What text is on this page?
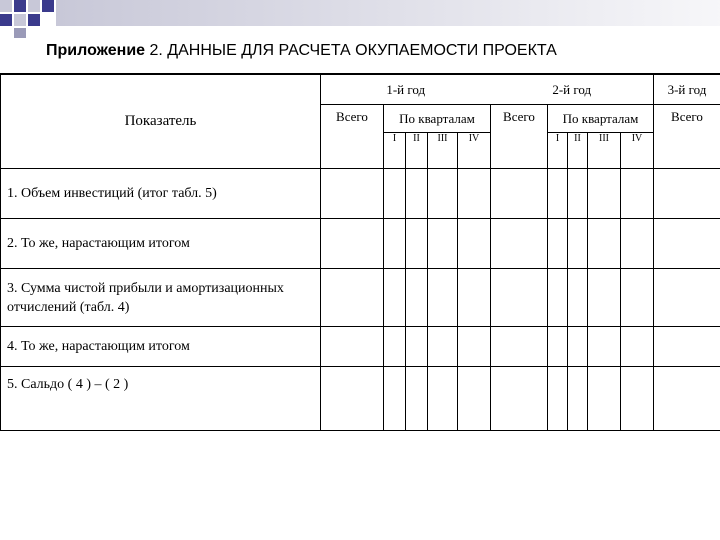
Приложение 2. ДАННЫЕ ДЛЯ РАСЧЕТА ОКУПАЕМОСТИ ПРОЕКТА
Показатель	1-й год					2-й год					3-й год
	Всего	По кварталам				Всего	По кварталам				Всего
		I	II	III	IV		I	II	III	IV	
1. Объем инвестиций (итог табл. 5)											
2. То же, нарастающим итогом											
3. Сумма чистой прибыли и амортизационных отчислений (табл. 4)											
4. То же, нарастающим итогом											
5. Сальдо ( 4 ) – ( 2 )											
